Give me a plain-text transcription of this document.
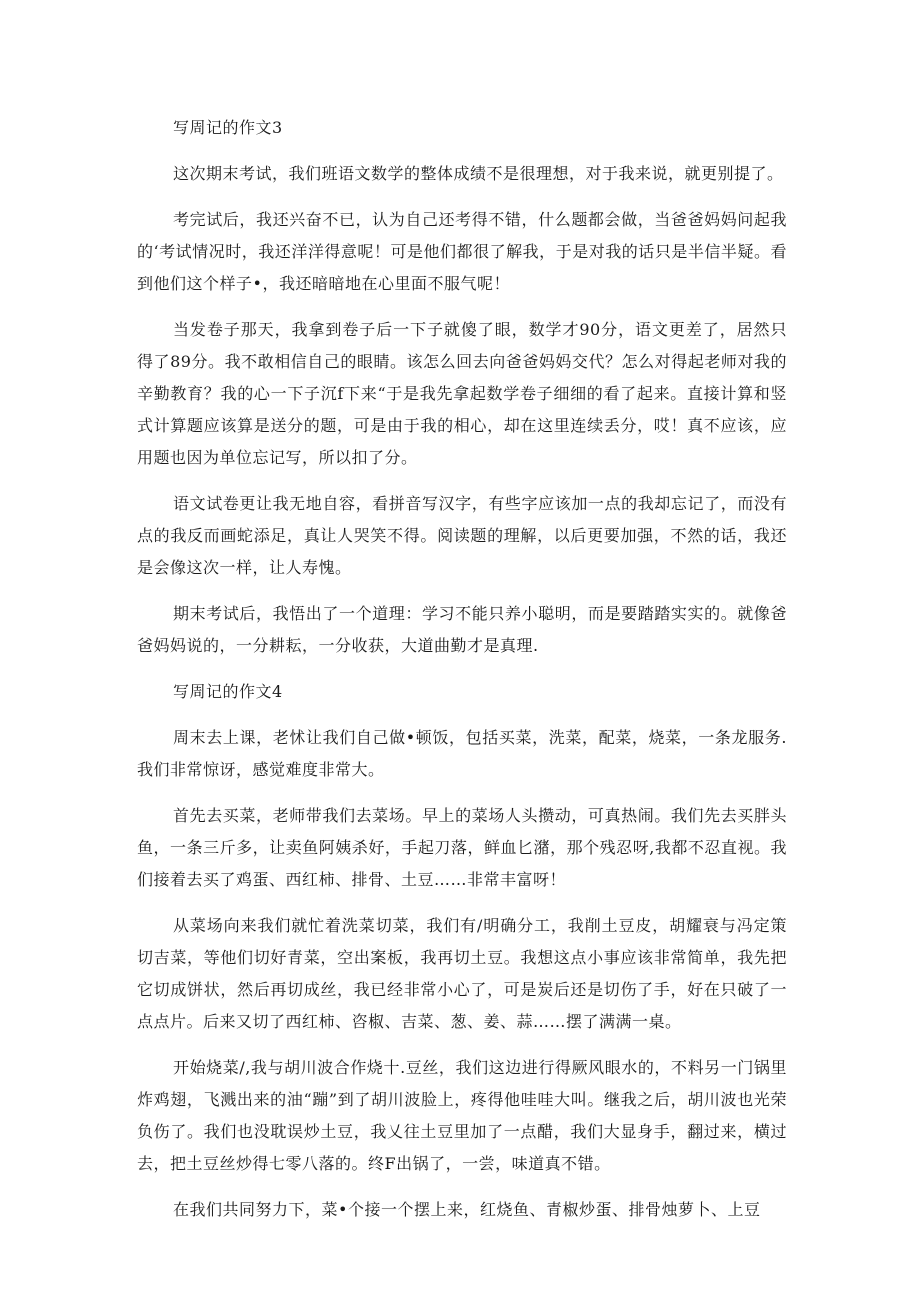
写周记的作文3

这次期末考试，我们班语文数学的整体成绩不是很理想，对于我来说，就更别提了。

考完试后，我还兴奋不已，认为自己还考得不错，什么题都会做，当爸爸妈妈问起我的‘考试情况时，我还洋洋得意呢！可是他们都很了解我，于是对我的话只是半信半疑。看到他们这个样子•，我还暗暗地在心里面不服气呢！

当发卷子那天，我拿到卷子后一下子就傻了眼，数学才90分，语文更差了，居然只得了89分。我不敢相信自己的眼睛。该怎么回去向爸爸妈妈交代？怎么对得起老师对我的辛勤教育？我的心一下子沉f下来“于是我先拿起数学卷子细细的看了起来。直接计算和竖式计算题应该算是送分的题，可是由于我的相心，却在这里连续丢分，哎！真不应该，应用题也因为单位忘记写，所以扣了分。

语文试卷更让我无地自容，看拼音写汉字，有些字应该加一点的我却忘记了，而没有点的我反而画蛇添足，真让人哭笑不得。阅读题的理解，以后更要加强，不然的话，我还是会像这次一样，让人寿愧。

期末考试后，我悟出了一个道理：学习不能只养小聪明，而是要踏踏实实的。就像爸爸妈妈说的，一分耕耘，一分收获，大道曲勤才是真理.

写周记的作文4

周末去上课，老怵让我们自己做•顿饭，包括买菜，洗菜，配菜，烧菜，一条龙服务.我们非常惊讶，感觉难度非常大。

首先去买菜，老师带我们去菜场。早上的菜场人头攒动，可真热闹。我们先去买胖头鱼，一条三斤多，让卖鱼阿姨杀好，手起刀落，鲜血匕潴，那个残忍呀,我都不忍直视。我们接着去买了鸡蛋、西红柿、排骨、土豆……非常丰富呀！

从菜场向来我们就忙着洗菜切菜，我们有/明确分工，我削土豆皮，胡耀衰与冯定策切吉菜，等他们切好青菜，空出案板，我再切土豆。我想这点小事应该非常简单，我先把它切成饼状，然后再切成丝，我已经非常小心了，可是炭后还是切伤了手，好在只破了一点点片。后来又切了西红柿、咨椒、吉菜、葱、姜、蒜……摆了满满一桌。

开始烧菜/,我与胡川波合作烧十.豆丝，我们这边进行得厥风眼水的，不料另一门锅里炸鸡翅，飞溅出来的油“蹦”到了胡川波脸上，疼得他哇哇大叫。继我之后，胡川波也光荣负伤了。我们也没耽误炒土豆，我乂往土豆里加了一点醋，我们大显身手，翻过来，横过去，把土豆丝炒得七零八落的。终F出锅了，一尝，味道真不错。

在我们共同努力下，菜•个接一个摆上来，红烧鱼、青椒炒蛋、排骨烛萝卜、上豆
